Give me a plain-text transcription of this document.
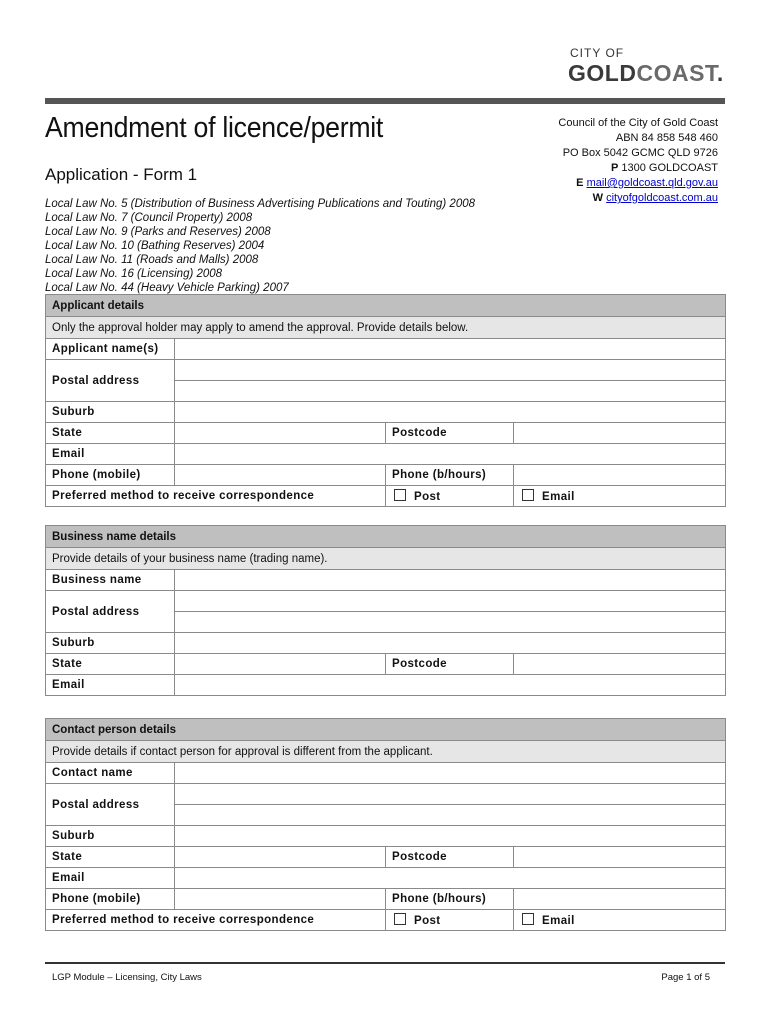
CITY OF
GOLDCOAST.
Amendment of licence/permit
Application - Form 1
Council of the City of Gold Coast
ABN 84 858 548 460
PO Box 5042 GCMC QLD 9726
P 1300 GOLDCOAST
E mail@goldcoast.qld.gov.au
W cityofgoldcoast.com.au
Local Law No. 5 (Distribution of Business Advertising Publications and Touting) 2008
Local Law No. 7 (Council Property) 2008
Local Law No. 9 (Parks and Reserves) 2008
Local Law No. 10 (Bathing Reserves) 2004
Local Law No. 11 (Roads and Malls) 2008
Local Law No. 16 (Licensing) 2008
Local Law No. 44 (Heavy Vehicle Parking) 2007
Applicant details			
Only the approval holder may apply to amend the approval. Provide details below.			
Applicant name(s)			
Postal address			

Suburb			
State		Postcode	
Email			
Phone (mobile)		Phone (b/hours)	
Preferred method to receive correspondence		Post	Email
Business name details			
Provide details of your business name (trading name).			
Business name			
Postal address			

Suburb			
State		Postcode	
Email			
Contact person details			
Provide details if contact person for approval is different from the applicant.			
Contact name			
Postal address			

Suburb			
State		Postcode	
Email			
Phone (mobile)		Phone (b/hours)	
Preferred method to receive correspondence		Post	Email
LGP Module – Licensing, City Laws	Page 1 of 5
